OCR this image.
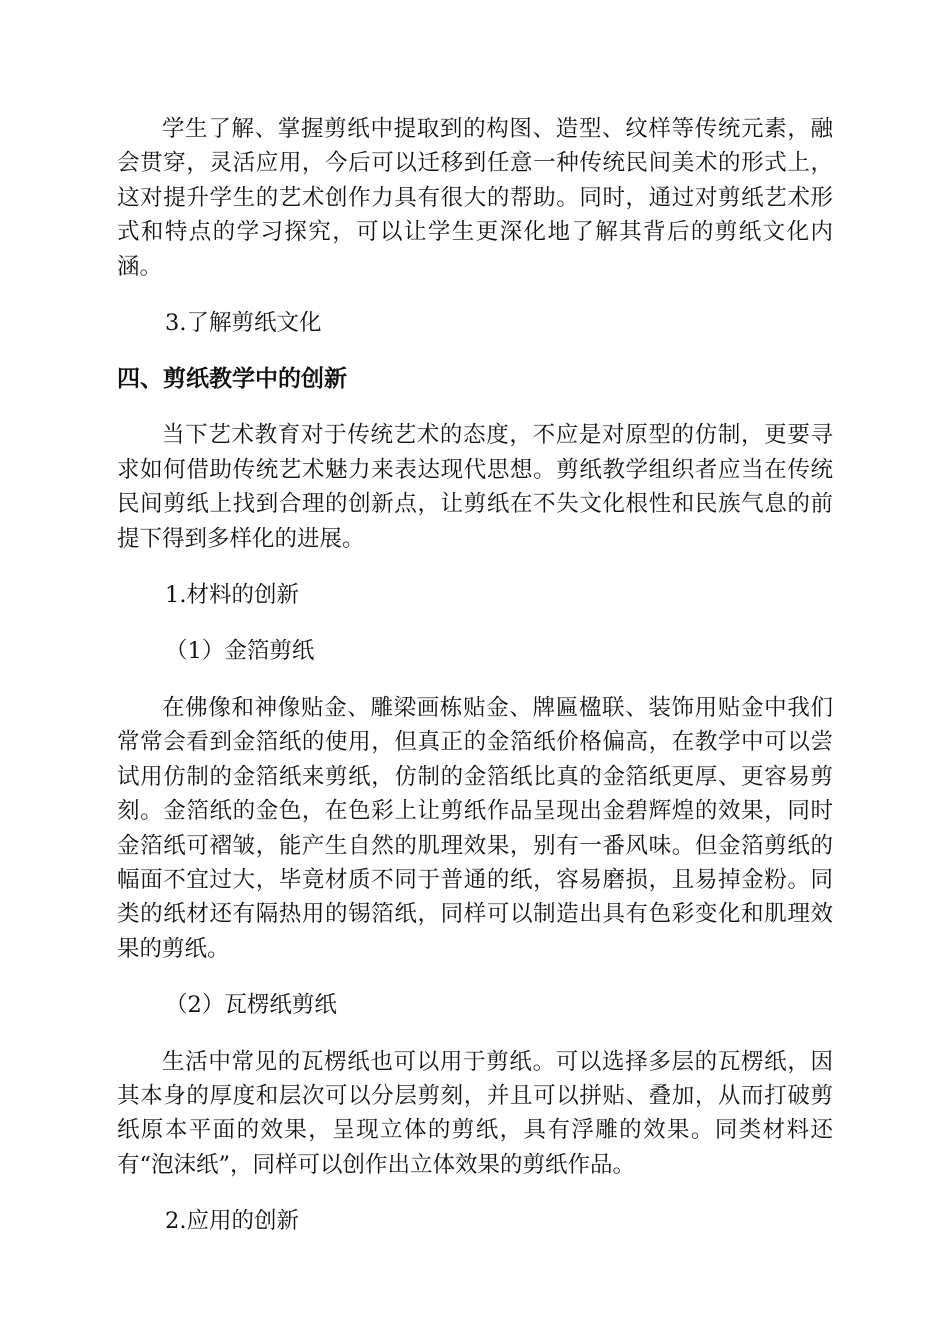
学生了解、掌握剪纸中提取到的构图、造型、纹样等传统元素，融会贯穿，灵活应用，今后可以迁移到任意一种传统民间美术的形式上，这对提升学生的艺术创作力具有很大的帮助。同时，通过对剪纸艺术形式和特点的学习探究，可以让学生更深化地了解其背后的剪纸文化内涵。

3.了解剪纸文化

四、剪纸教学中的创新

当下艺术教育对于传统艺术的态度，不应是对原型的仿制，更要寻求如何借助传统艺术魅力来表达现代思想。剪纸教学组织者应当在传统民间剪纸上找到合理的创新点，让剪纸在不失文化根性和民族气息的前提下得到多样化的进展。

1.材料的创新

（1）金箔剪纸

在佛像和神像贴金、雕梁画栋贴金、牌匾楹联、装饰用贴金中我们常常会看到金箔纸的使用，但真正的金箔纸价格偏高，在教学中可以尝试用仿制的金箔纸来剪纸，仿制的金箔纸比真的金箔纸更厚、更容易剪刻。金箔纸的金色，在色彩上让剪纸作品呈现出金碧辉煌的效果，同时金箔纸可褶皱，能产生自然的肌理效果，别有一番风味。但金箔剪纸的幅面不宜过大，毕竟材质不同于普通的纸，容易磨损，且易掉金粉。同类的纸材还有隔热用的锡箔纸，同样可以制造出具有色彩变化和肌理效果的剪纸。

（2）瓦楞纸剪纸

生活中常见的瓦楞纸也可以用于剪纸。可以选择多层的瓦楞纸，因其本身的厚度和层次可以分层剪刻，并且可以拼贴、叠加，从而打破剪纸原本平面的效果，呈现立体的剪纸，具有浮雕的效果。同类材料还有“泡沫纸”，同样可以创作出立体效果的剪纸作品。

2.应用的创新
